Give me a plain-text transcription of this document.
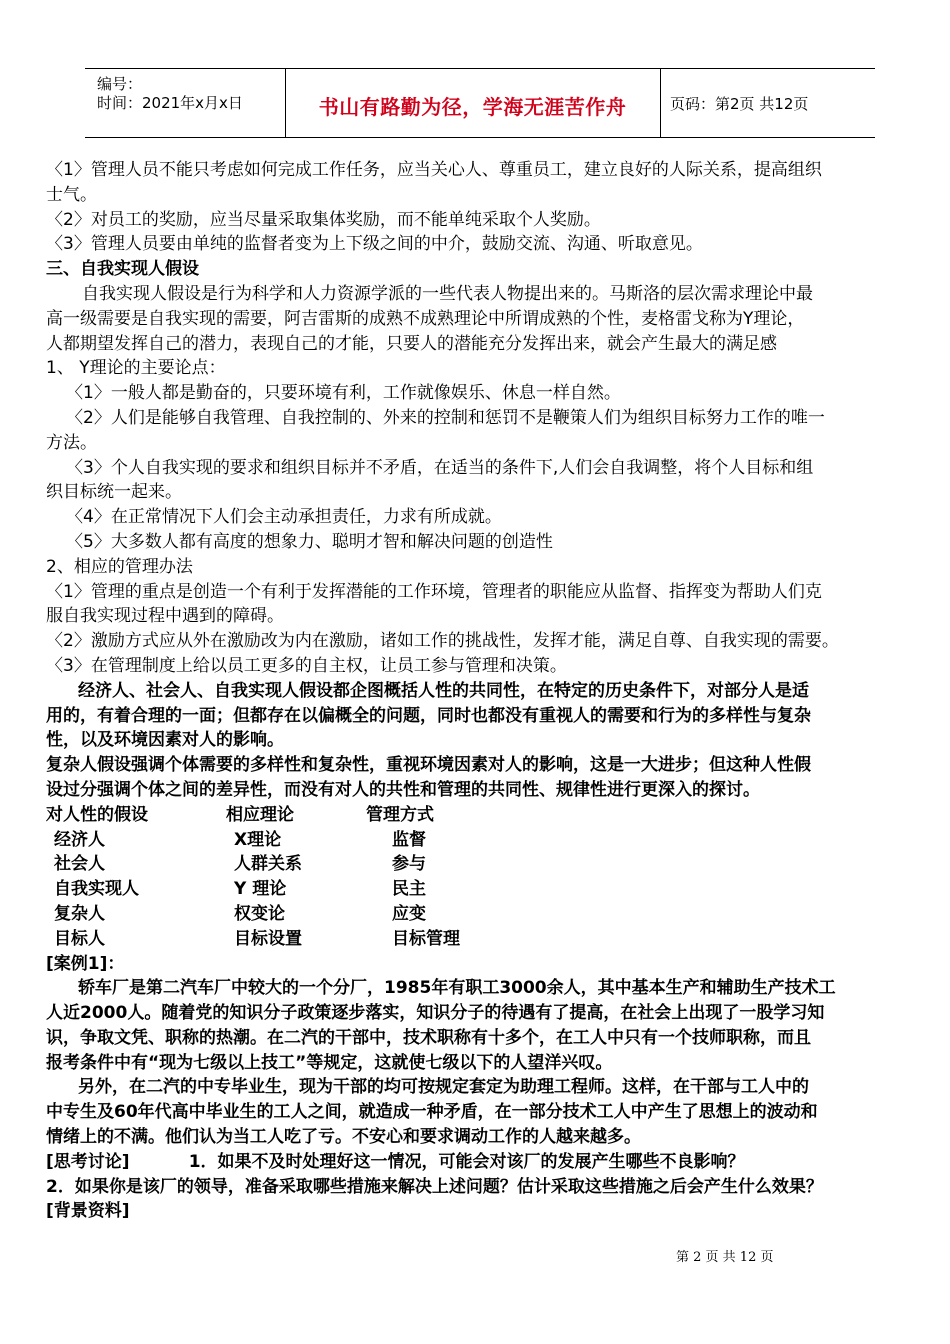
编号：
时间：2021年x月x日	书山有路勤为径，学海无涯苦作舟	页码：第2页 共12页
〈1〉管理人员不能只考虑如何完成工作任务，应当关心人、尊重员工，建立良好的人际关系，提高组织
士气。
〈2〉对员工的奖励，应当尽量采取集体奖励，而不能单纯采取个人奖励。
〈3〉管理人员要由单纯的监督者变为上下级之间的中介，鼓励交流、沟通、听取意见。
三、自我实现人假设
自我实现人假设是行为科学和人力资源学派的一些代表人物提出来的。马斯洛的层次需求理论中最
高一级需要是自我实现的需要，阿吉雷斯的成熟不成熟理论中所谓成熟的个性，麦格雷戈称为Y理论，
人都期望发挥自己的潜力，表现自己的才能，只要人的潜能充分发挥出来，就会产生最大的满足感
1、 Y理论的主要论点：
〈1〉一般人都是勤奋的，只要环境有利，工作就像娱乐、休息一样自然。
〈2〉人们是能够自我管理、自我控制的、外来的控制和惩罚不是鞭策人们为组织目标努力工作的唯一
方法。
〈3〉个人自我实现的要求和组织目标并不矛盾，在适当的条件下,人们会自我调整，将个人目标和组
织目标统一起来。
〈4〉在正常情况下人们会主动承担责任，力求有所成就。
〈5〉大多数人都有高度的想象力、聪明才智和解决问题的创造性
2、相应的管理办法
〈1〉管理的重点是创造一个有利于发挥潜能的工作环境，管理者的职能应从监督、指挥变为帮助人们克
服自我实现过程中遇到的障碍。
〈2〉激励方式应从外在激励改为内在激励，诸如工作的挑战性，发挥才能，满足自尊、自我实现的需要。
〈3〉在管理制度上给以员工更多的自主权，让员工参与管理和决策。
经济人、社会人、自我实现人假设都企图概括人性的共同性，在特定的历史条件下，对部分人是适
用的，有着合理的一面；但都存在以偏概全的问题，同时也都没有重视人的需要和行为的多样性与复杂
性，以及环境因素对人的影响。
复杂人假设强调个体需要的多样性和复杂性，重视环境因素对人的影响，这是一大进步；但这种人性假
设过分强调个体之间的差异性，而没有对人的共性和管理的共同性、规律性进行更深入的探讨。
对人性的假设	相应理论	管理方式
经济人	X理论	监督
社会人	人群关系	参与
自我实现人	Y 理论	民主
复杂人	权变论	应变
目标人	目标设置	目标管理
[案例1]：
轿车厂是第二汽车厂中较大的一个分厂，1985年有职工3000余人，其中基本生产和辅助生产技术工
人近2000人。随着党的知识分子政策逐步落实，知识分子的待遇有了提高，在社会上出现了一股学习知
识，争取文凭、职称的热潮。在二汽的干部中，技术职称有十多个，在工人中只有一个技师职称，而且
报考条件中有“现为七级以上技工”等规定，这就使七级以下的人望洋兴叹。
另外，在二汽的中专毕业生，现为干部的均可按规定套定为助理工程师。这样，在干部与工人中的
中专生及60年代高中毕业生的工人之间，就造成一种矛盾，在一部分技术工人中产生了思想上的波动和
情绪上的不满。他们认为当工人吃了亏。不安心和要求调动工作的人越来越多。
[思考讨论]          1．如果不及时处理好这一情况，可能会对该厂的发展产生哪些不良影响？
2．如果你是该厂的领导，准备采取哪些措施来解决上述问题？估计采取这些措施之后会产生什么效果？
[背景资料]
第 2 页 共 12 页
